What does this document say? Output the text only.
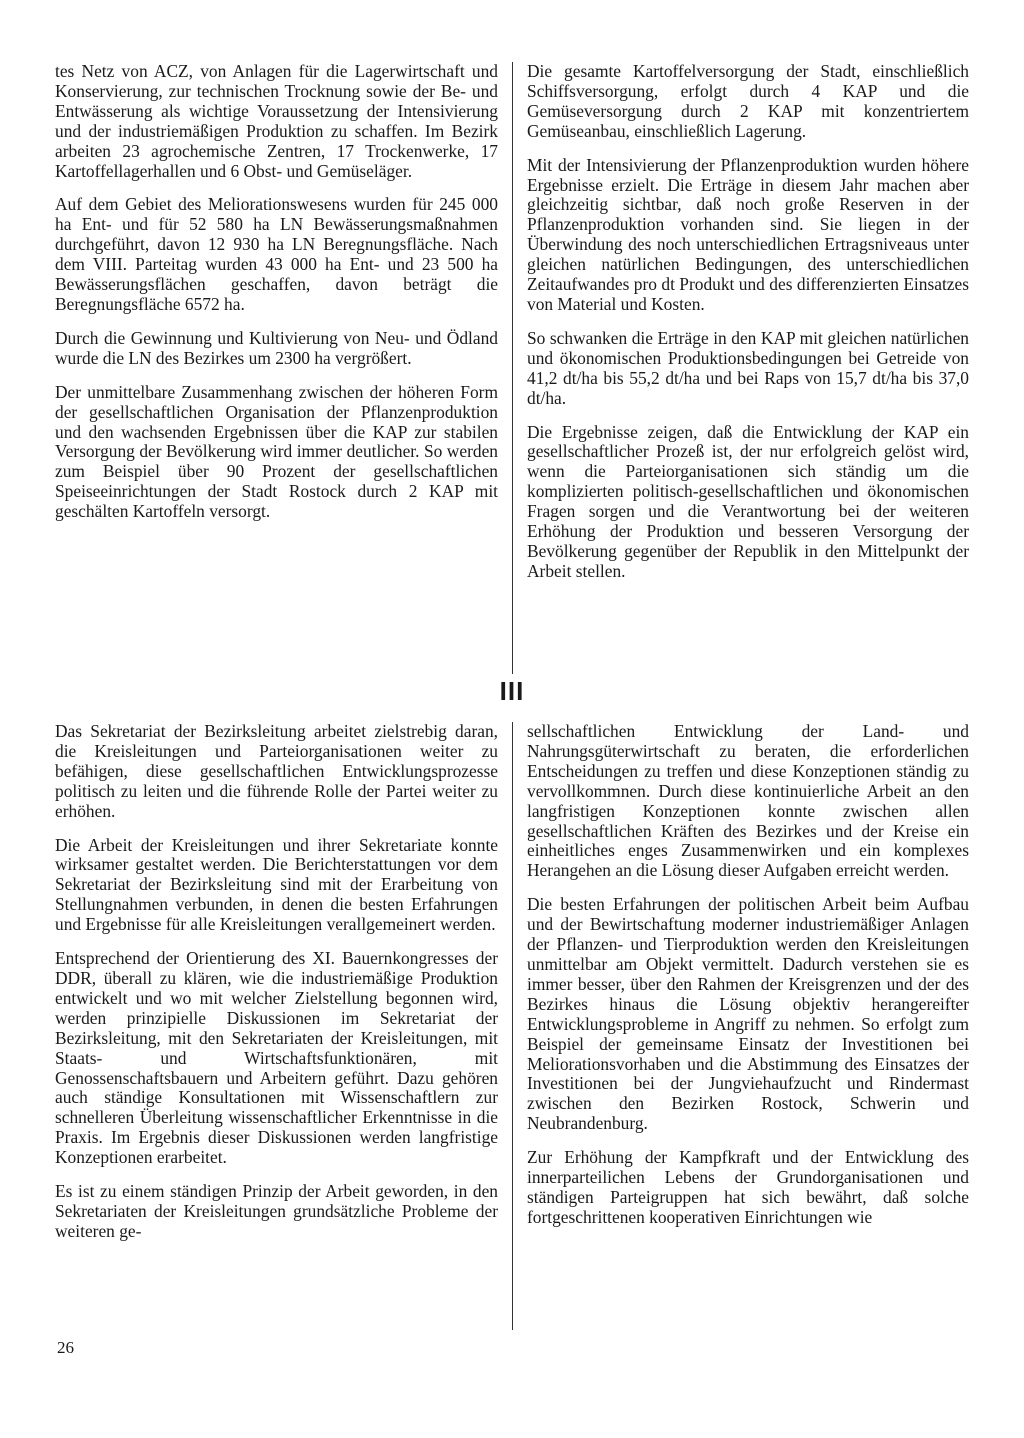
tes Netz von ACZ, von Anlagen für die Lagerwirtschaft und Konservierung, zur technischen Trocknung sowie der Be- und Entwässerung als wichtige Voraussetzung der Intensivierung und der industriemäßigen Produktion zu schaffen. Im Bezirk arbeiten 23 agrochemische Zentren, 17 Trockenwerke, 17 Kartoffellagerhallen und 6 Obst- und Gemüseläger.

Auf dem Gebiet des Meliorationswesens wurden für 245 000 ha Ent- und für 52 580 ha LN Bewässerungsmaßnahmen durchgeführt, davon 12 930 ha LN Beregnungsfläche. Nach dem VIII. Parteitag wurden 43 000 ha Ent- und 23 500 ha Bewässerungsflächen geschaffen, davon beträgt die Beregnungsfläche 6572 ha.

Durch die Gewinnung und Kultivierung von Neu- und Ödland wurde die LN des Bezirkes um 2300 ha vergrößert.

Der unmittelbare Zusammenhang zwischen der höheren Form der gesellschaftlichen Organisation der Pflanzenproduktion und den wachsenden Ergebnissen über die KAP zur stabilen Versorgung der Bevölkerung wird immer deutlicher. So werden zum Beispiel über 90 Prozent der gesellschaftlichen Speiseeinrichtungen der Stadt Rostock durch 2 KAP mit geschälten Kartoffeln versorgt.

Die gesamte Kartoffelversorgung der Stadt, einschließlich Schiffsversorgung, erfolgt durch 4 KAP und die Gemüseversorgung durch 2 KAP mit konzentriertem Gemüseanbau, einschließlich Lagerung.

Mit der Intensivierung der Pflanzenproduktion wurden höhere Ergebnisse erzielt. Die Erträge in diesem Jahr machen aber gleichzeitig sichtbar, daß noch große Reserven in der Pflanzenproduktion vorhanden sind. Sie liegen in der Überwindung des noch unterschiedlichen Ertragsniveaus unter gleichen natürlichen Bedingungen, des unterschiedlichen Zeitaufwandes pro dt Produkt und des differenzierten Einsatzes von Material und Kosten.

So schwanken die Erträge in den KAP mit gleichen natürlichen und ökonomischen Produktionsbedingungen bei Getreide von 41,2 dt/ha bis 55,2 dt/ha und bei Raps von 15,7 dt/ha bis 37,0 dt/ha.

Die Ergebnisse zeigen, daß die Entwicklung der KAP ein gesellschaftlicher Prozeß ist, der nur erfolgreich gelöst wird, wenn die Parteiorganisationen sich ständig um die komplizierten politisch-gesellschaftlichen und ökonomischen Fragen sorgen und die Verantwortung bei der weiteren Erhöhung der Produktion und besseren Versorgung der Bevölkerung gegenüber der Republik in den Mittelpunkt der Arbeit stellen.

III

Das Sekretariat der Bezirksleitung arbeitet zielstrebig daran, die Kreisleitungen und Parteiorganisationen weiter zu befähigen, diese gesellschaftlichen Entwicklungsprozesse politisch zu leiten und die führende Rolle der Partei weiter zu erhöhen.

Die Arbeit der Kreisleitungen und ihrer Sekretariate konnte wirksamer gestaltet werden. Die Berichterstattungen vor dem Sekretariat der Bezirksleitung sind mit der Erarbeitung von Stellungnahmen verbunden, in denen die besten Erfahrungen und Ergebnisse für alle Kreisleitungen verallgemeinert werden.

Entsprechend der Orientierung des XI. Bauernkongresses der DDR, überall zu klären, wie die industriemäßige Produktion entwickelt und wo mit welcher Zielstellung begonnen wird, werden prinzipielle Diskussionen im Sekretariat der Bezirksleitung, mit den Sekretariaten der Kreisleitungen, mit Staats- und Wirtschaftsfunktionären, mit Genossenschaftsbauern und Arbeitern geführt. Dazu gehören auch ständige Konsultationen mit Wissenschaftlern zur schnelleren Überleitung wissenschaftlicher Erkenntnisse in die Praxis. Im Ergebnis dieser Diskussionen werden langfristige Konzeptionen erarbeitet.

Es ist zu einem ständigen Prinzip der Arbeit geworden, in den Sekretariaten der Kreisleitungen grundsätzliche Probleme der weiteren ge-

sellschaftlichen Entwicklung der Land- und Nahrungsgüterwirtschaft zu beraten, die erforderlichen Entscheidungen zu treffen und diese Konzeptionen ständig zu vervollkommnen. Durch diese kontinuierliche Arbeit an den langfristigen Konzeptionen konnte zwischen allen gesellschaftlichen Kräften des Bezirkes und der Kreise ein einheitliches enges Zusammenwirken und ein komplexes Herangehen an die Lösung dieser Aufgaben erreicht werden.

Die besten Erfahrungen der politischen Arbeit beim Aufbau und der Bewirtschaftung moderner industriemäßiger Anlagen der Pflanzen- und Tierproduktion werden den Kreisleitungen unmittelbar am Objekt vermittelt. Dadurch verstehen sie es immer besser, über den Rahmen der Kreisgrenzen und der des Bezirkes hinaus die Lösung objektiv herangereifter Entwicklungsprobleme in Angriff zu nehmen. So erfolgt zum Beispiel der gemeinsame Einsatz der Investitionen bei Meliorationsvorhaben und die Abstimmung des Einsatzes der Investitionen bei der Jungviehaufzucht und Rindermast zwischen den Bezirken Rostock, Schwerin und Neubrandenburg.

Zur Erhöhung der Kampfkraft und der Entwicklung des innerparteilichen Lebens der Grundorganisationen und ständigen Parteigruppen hat sich bewährt, daß solche fortgeschrittenen kooperativen Einrichtungen wie

26
